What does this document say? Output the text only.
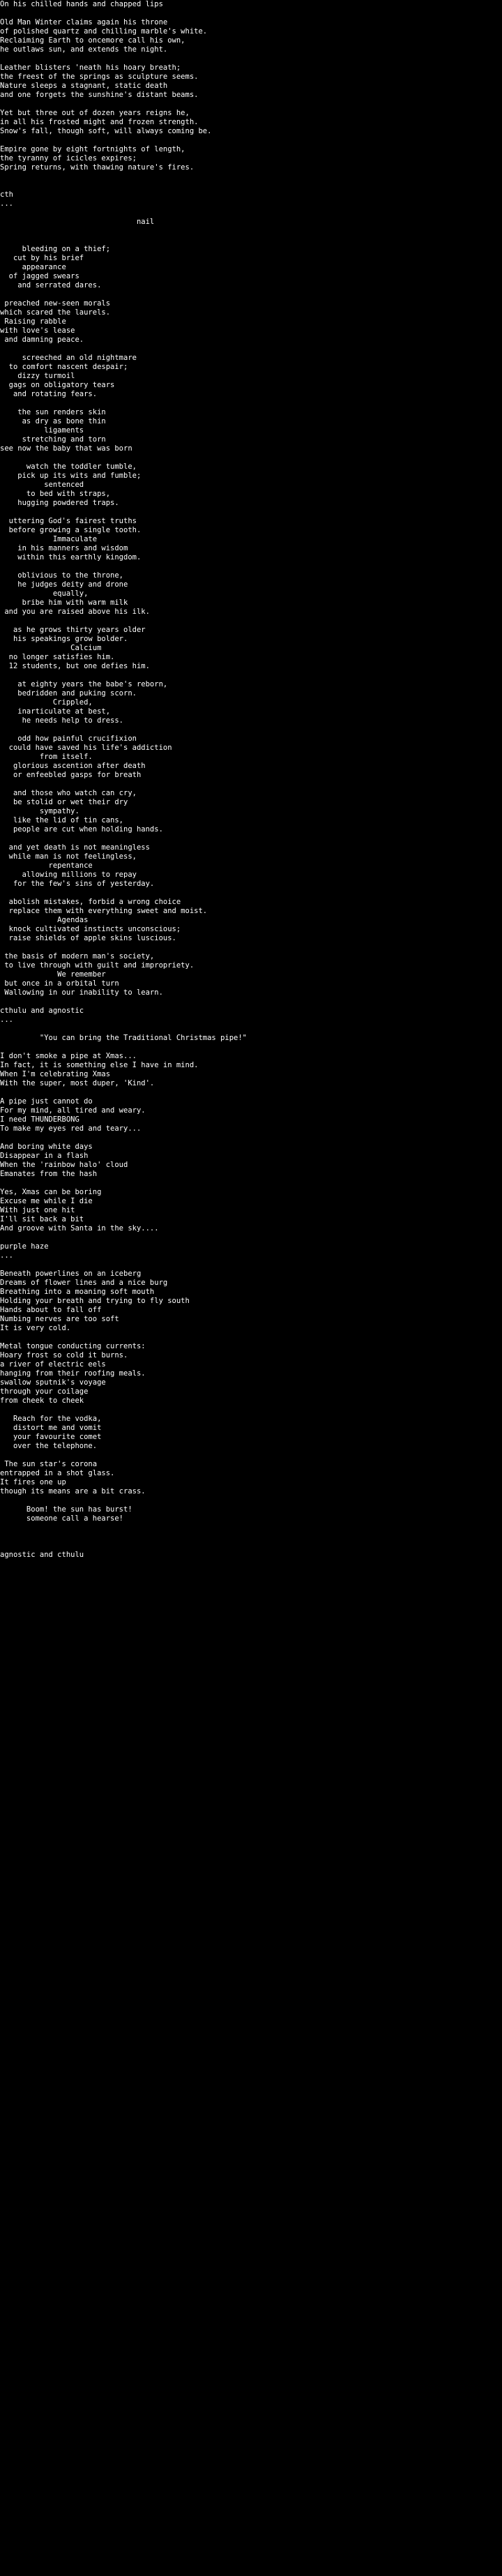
On his chilled hands and chapped lips
Old Man Winter claims again his throne
of polished quartz and chilling marble's white.
Reclaiming Earth to oncemore call his own,
he outlaws sun, and extends the night.
Leather blisters 'neath his hoary breath;
the freest of the springs as sculpture seems.
Nature sleeps a stagnant, static death
and one forgets the sunshine's distant beams.
Yet but three out of dozen years reigns he,
in all his frosted might and frozen strength.
Snow's fall, though soft, will always coming be.
Empire gone by eight fortnights of length,
the tyranny of icicles expires;
Spring returns, with thawing nature's fires.
cth
...
nail
bleeding on a thief;
cut by his brief
appearance
of jagged swears
and serrated dares.
preached new-seen morals
which scared the laurels.
Raising rabble
with love's lease
and damning peace.
screeched an old nightmare
to comfort nascent despair;
dizzy turmoil
gags on obligatory tears
and rotating fears.
the sun renders skin
as dry as bone thin
ligaments
stretching and torn
see now the baby that was born
watch the toddler tumble,
pick up its wits and fumble;
sentenced
to bed with straps,
hugging powdered traps.
uttering God's fairest truths
before growing a single tooth.
Immaculate
in his manners and wisdom
within this earthly kingdom.
oblivious to the throne,
he judges deity and drone
equally,
bribe him with warm milk
and you are raised above his ilk.
as he grows thirty years older
his speakings grow bolder.
Calcium
no longer satisfies him.
12 students, but one defies him.
at eighty years the babe's reborn,
bedridden and puking scorn.
Crippled,
inarticulate at best,
he needs help to dress.
odd how painful crucifixion
could have saved his life's addiction
from itself.
glorious ascention after death
or enfeebled gasps for breath
and those who watch can cry,
be stolid or wet their dry
sympathy.
like the lid of tin cans,
people are cut when holding hands.
and yet death is not meaningless
while man is not feelingless,
repentance
allowing millions to repay
for the few's sins of yesterday.
abolish mistakes, forbid a wrong choice
replace them with everything sweet and moist.
Agendas
knock cultivated instincts unconscious;
raise shields of apple skins luscious.
the basis of modern man's society,
to live through with guilt and impropriety.
We remember
but once in a orbital turn
Wallowing in our inability to learn.
cthulu and agnostic
...
"You can bring the Traditional Christmas pipe!"
I don't smoke a pipe at Xmas...
In fact, it is something else I have in mind.
When I'm celebrating Xmas
With the super, most duper, 'Kind'.
A pipe just cannot do
For my mind, all tired and weary.
I need THUNDERBONG
To make my eyes red and teary...
And boring white days
Disappear in a flash
When the 'rainbow halo' cloud
Emanates from the hash
Yes, Xmas can be boring
Excuse me while I die
With just one hit
I'll sit back a bit
And groove with Santa in the sky....
purple haze
...
Beneath powerlines on an iceberg
Dreams of flower lines and a nice burg
Breathing into a moaning soft mouth
Holding your breath and trying to fly south
Hands about to fall off
Numbing nerves are too soft
It is very cold.
Metal tongue conducting currents:
Hoary frost so cold it burns.
a river of electric eels
hanging from their roofing meals.
swallow sputnik's voyage
through your coilage
from cheek to cheek
Reach for the vodka,
distort me and vomit
your favourite comet
over the telephone.
The sun star's corona
entrapped in a shot glass.
It fires one up
though its means are a bit crass.
Boom! the sun has burst!
someone call a hearse!
agnostic and cthulu
